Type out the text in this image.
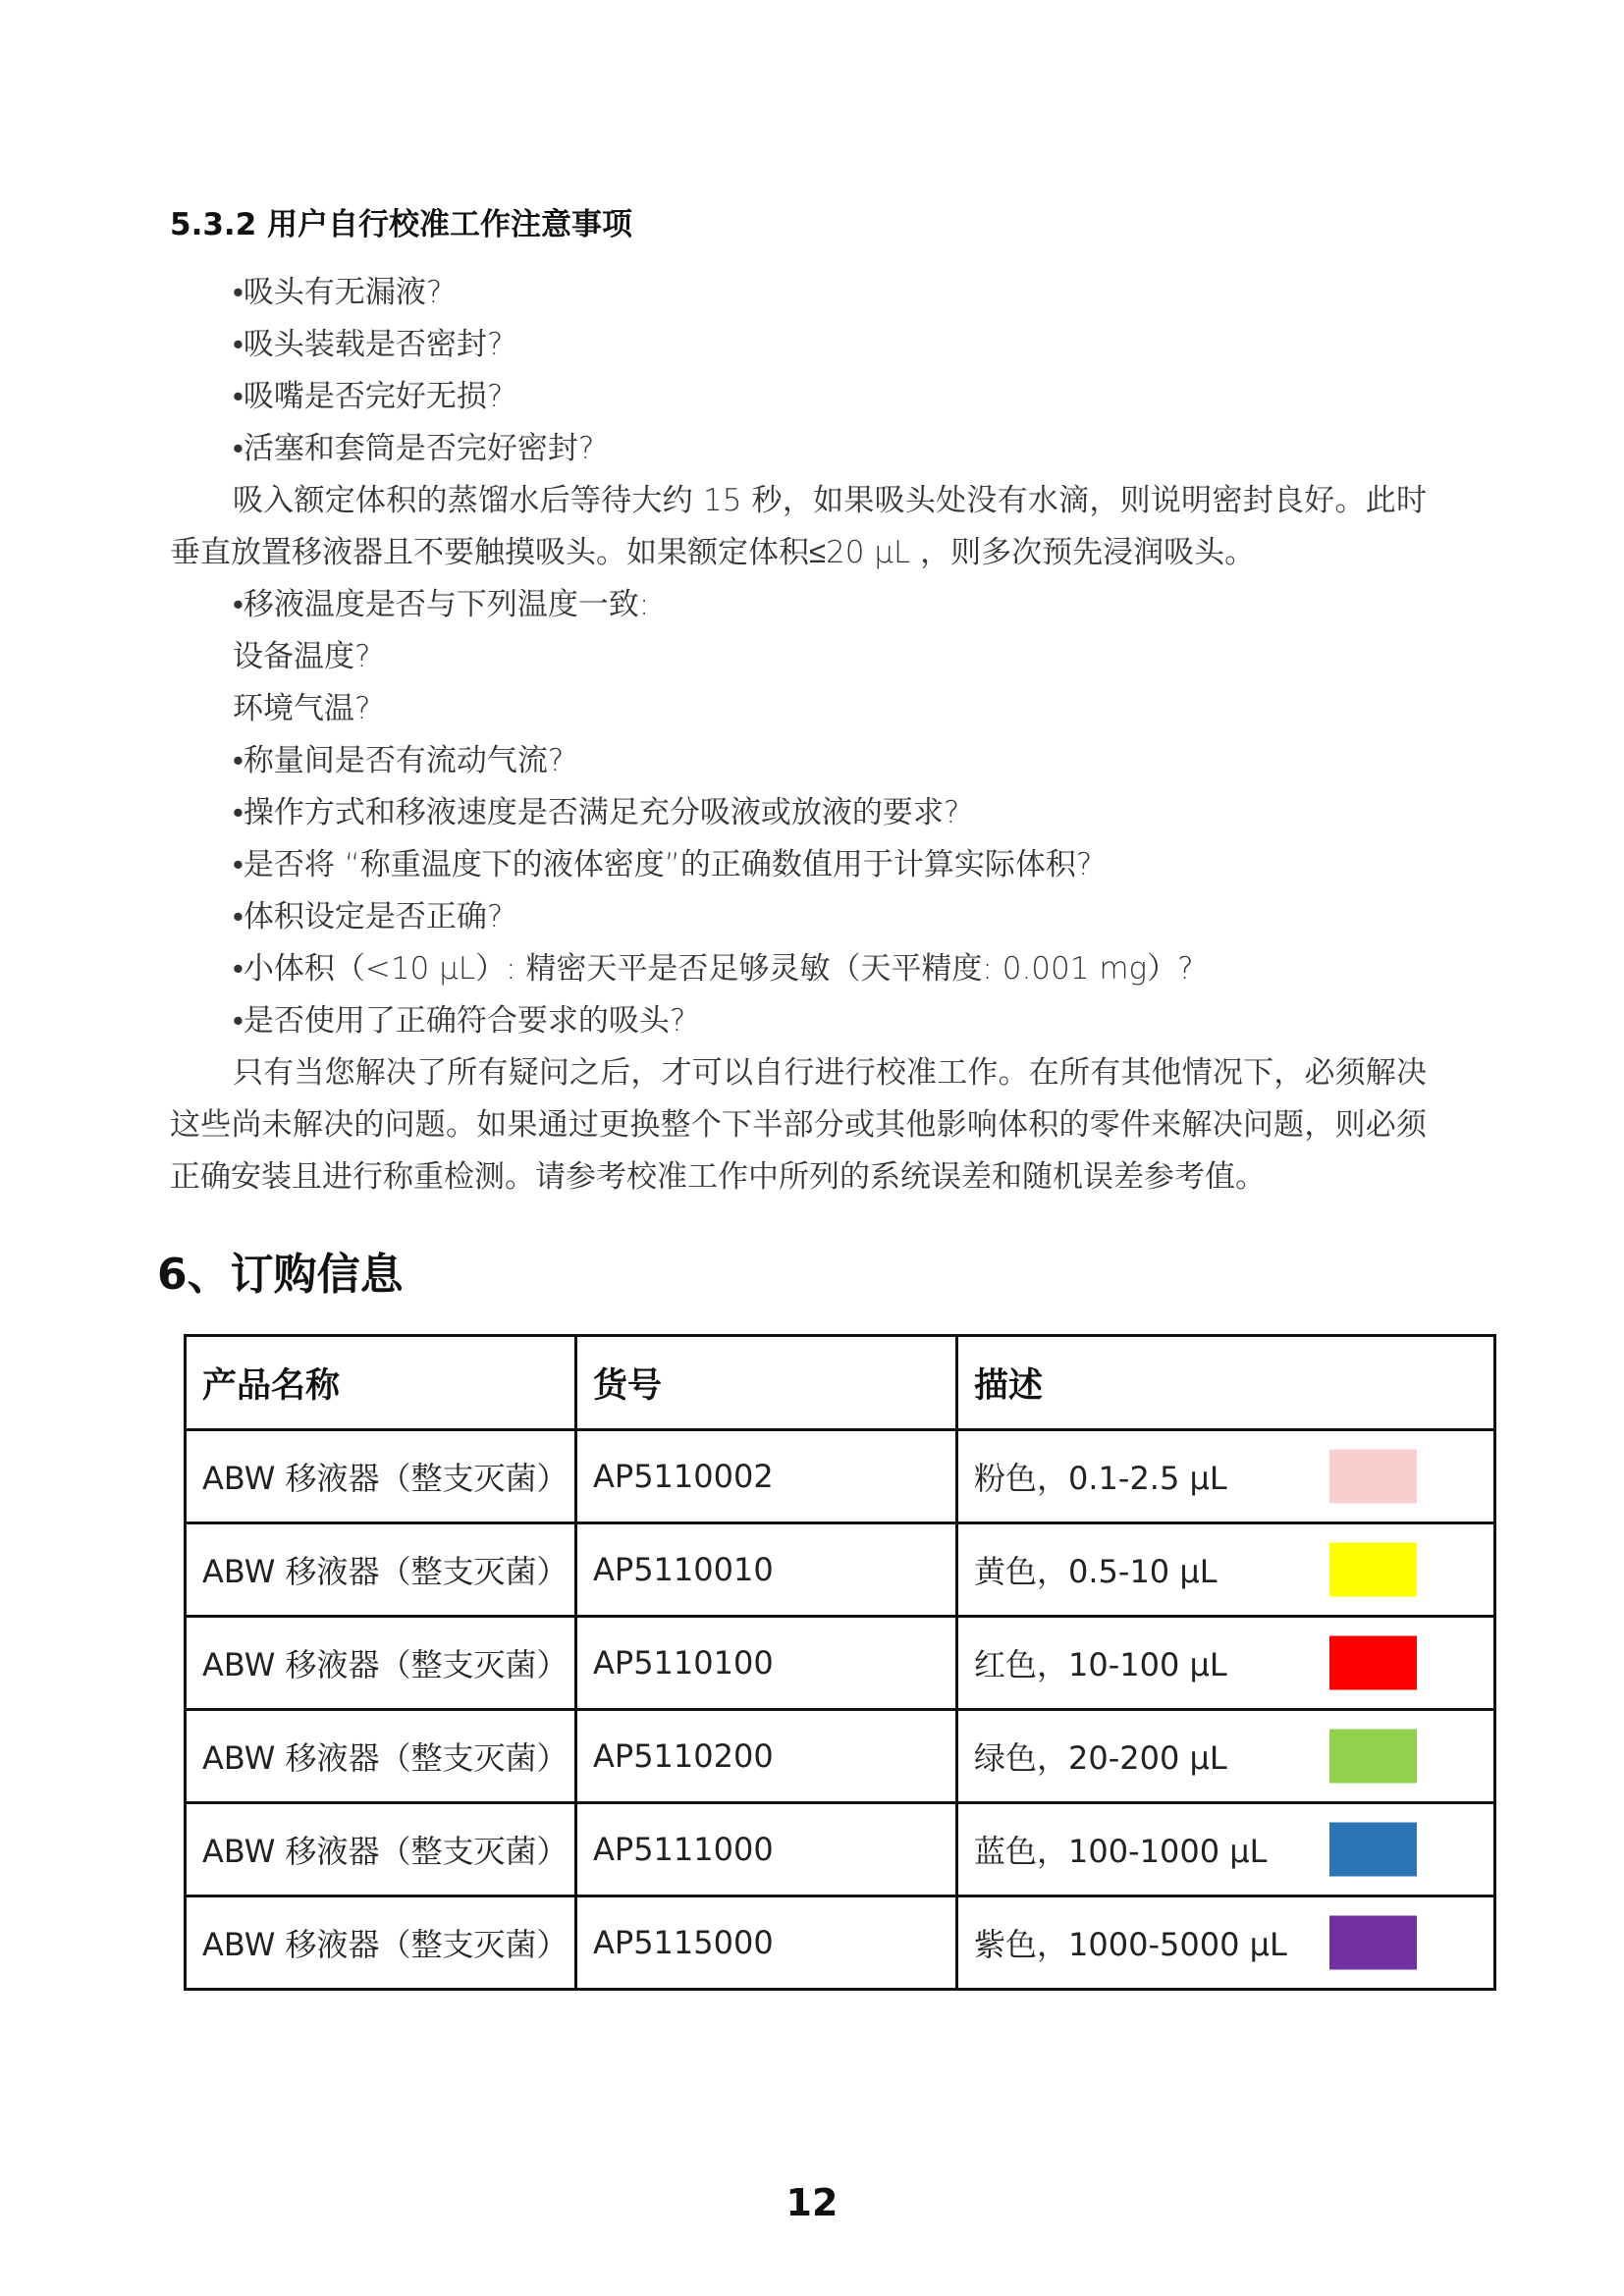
5.3.2 用户自行校准工作注意事项
•吸头有无漏液?
•吸头装载是否密封?
•吸嘴是否完好无损?
•活塞和套筒是否完好密封?
吸入额定体积的蒸馏水后等待大约 15 秒，如果吸头处没有水滴，则说明密封良好。此时垂直放置移液器且不要触摸吸头。如果额定体积≤20 μL ，则多次预先浸润吸头。
•移液温度是否与下列温度一致:
设备温度?
环境气温?
•称量间是否有流动气流?
•操作方式和移液速度是否满足充分吸液或放液的要求?
•是否将 “称重温度下的液体密度”的正确数值用于计算实际体积?
•体积设定是否正确?
•小体积（<10 μL）: 精密天平是否足够灵敏（天平精度: 0.001 mg）?
•是否使用了正确符合要求的吸头?
只有当您解决了所有疑问之后，才可以自行进行校准工作。在所有其他情况下，必须解决这些尚未解决的问题。如果通过更换整个下半部分或其他影响体积的零件来解决问题，则必须正确安装且进行称重检测。请参考校准工作中所列的系统误差和随机误差参考值。
6、订购信息
产品名称	货号	描述
ABW 移液器（整支灭菌）	AP5110002	粉色，0.1-2.5 μL

ABW 移液器（整支灭菌）	AP5110010	黄色，0.5-10 μL

ABW 移液器（整支灭菌）	AP5110100	红色，10-100 μL

ABW 移液器（整支灭菌）	AP5110200	绿色，20-200 μL

ABW 移液器（整支灭菌）	AP5111000	蓝色，100-1000 μL

ABW 移液器（整支灭菌）	AP5115000	紫色，1000-5000 μL
12
